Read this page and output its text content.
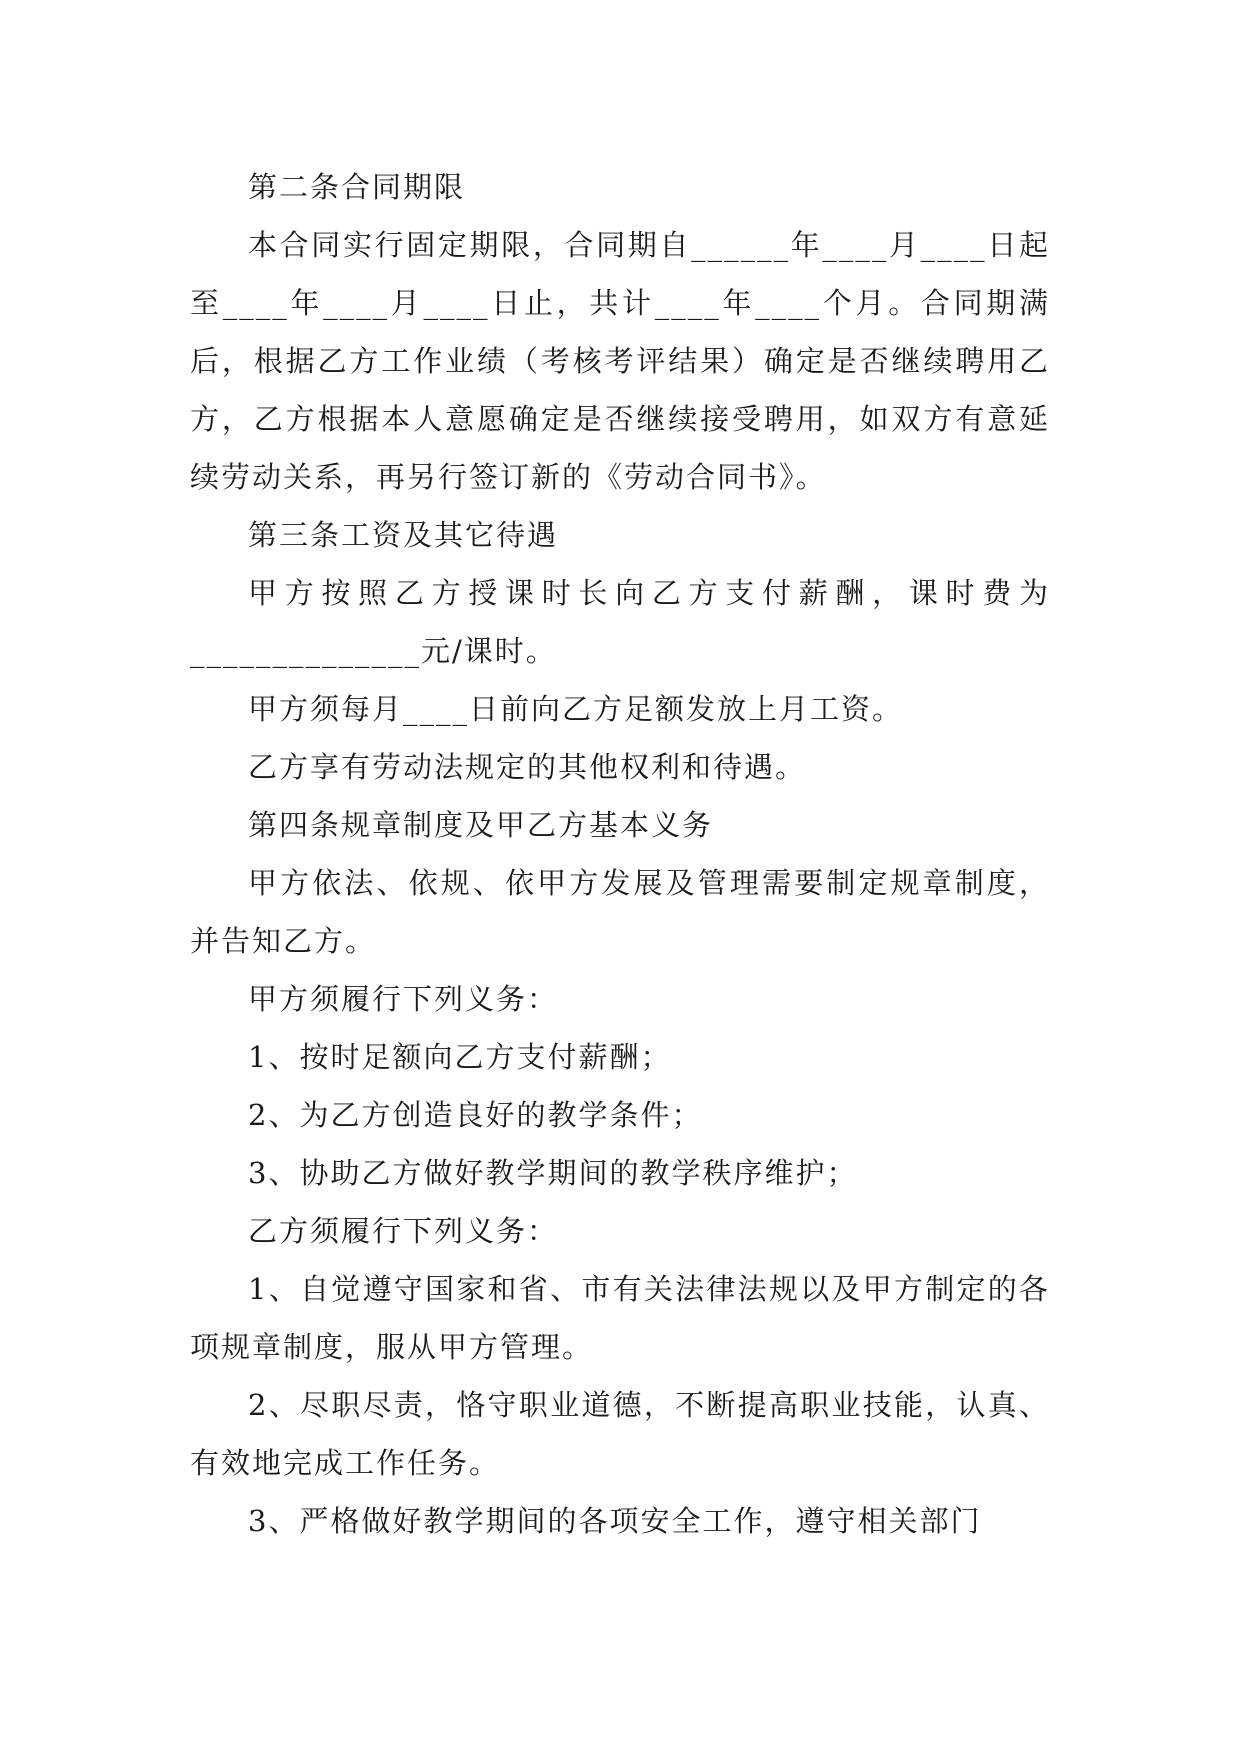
第二条合同期限

本合同实行固定期限，合同期自______年____月____日起至____年____月____日止，共计____年____个月。合同期满后，根据乙方工作业绩（考核考评结果）确定是否继续聘用乙方，乙方根据本人意愿确定是否继续接受聘用，如双方有意延续劳动关系，再另行签订新的《劳动合同书》。

第三条工资及其它待遇

甲方按照乙方授课时长向乙方支付薪酬，课时费为______________元/课时。

甲方须每月____日前向乙方足额发放上月工资。

乙方享有劳动法规定的其他权利和待遇。

第四条规章制度及甲乙方基本义务

甲方依法、依规、依甲方发展及管理需要制定规章制度，并告知乙方。

甲方须履行下列义务：

1、按时足额向乙方支付薪酬；

2、为乙方创造良好的教学条件；

3、协助乙方做好教学期间的教学秩序维护；

乙方须履行下列义务：

1、自觉遵守国家和省、市有关法律法规以及甲方制定的各项规章制度，服从甲方管理。

2、尽职尽责，恪守职业道德，不断提高职业技能，认真、有效地完成工作任务。

3、严格做好教学期间的各项安全工作，遵守相关部门
